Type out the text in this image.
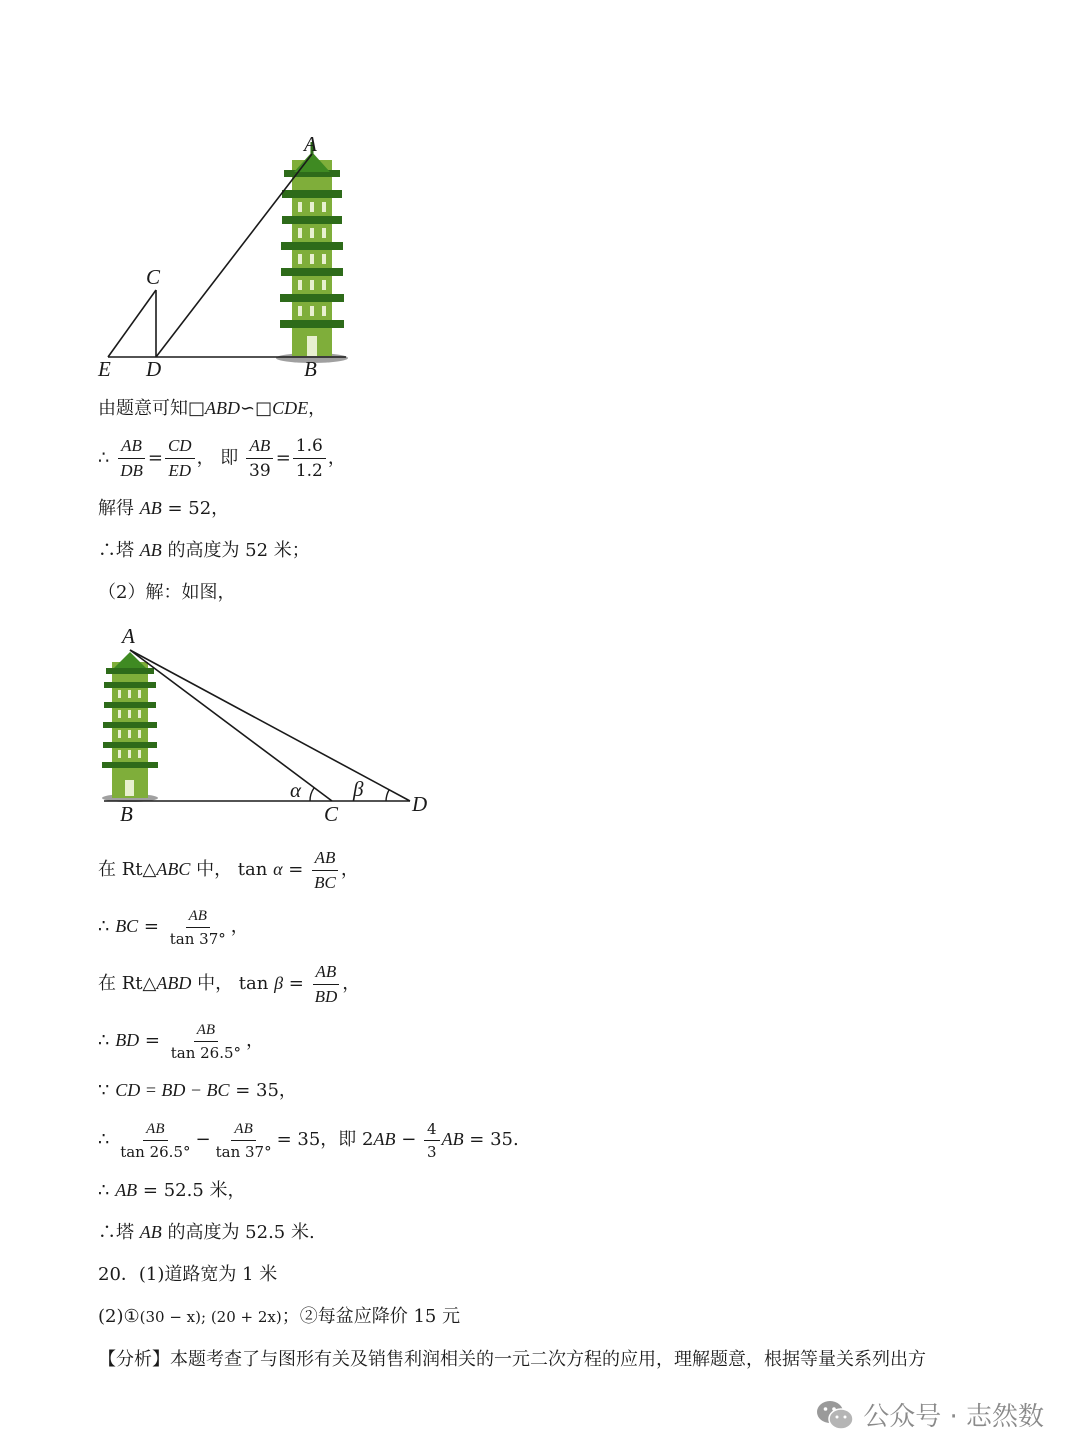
A
C
E D	B
由题意可知□ABD∽□CDE，
∴ $\frac{AB}{DB} = \frac{CD}{ED}$ ， 即 $\frac{AB}{39} = \frac{1.6}{1.2}$ ，
解得 AB = 52，
∴塔 AB 的高度为 52 米；
（2）解：如图，
A
B	C	D
α β
在 Rt△ABC 中， $\tan \alpha = \frac{AB}{BC}$ ，
∴ BC = $\frac{AB}{\tan 37^\circ}$ ，
在 Rt△ABD 中， $\tan \beta = \frac{AB}{BD}$ ，
∴ BD = $\frac{AB}{\tan 26.5^\circ}$ ，
∵ CD = BD − BC = 35，
∴ $\frac{AB}{\tan 26.5^\circ} - \frac{AB}{\tan 37^\circ} = 35$，即 $2AB - \frac{4}{3}$ AB = 35.
∴ AB = 52.5 米，
∴塔 AB 的高度为 52.5 米.
20．(1)道路宽为 1 米
(2)①(30 − x); (20 + 2x)；②每盆应降价 15 元
【分析】本题考查了与图形有关及销售利润相关的一元二次方程的应用，理解题意，根据等量关系列出方
公众号 · 志然数
